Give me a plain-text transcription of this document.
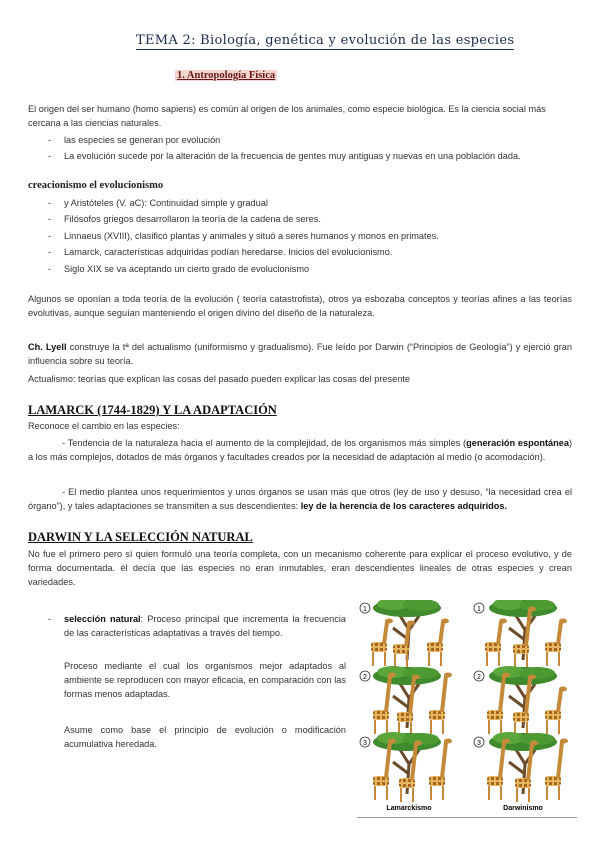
TEMA 2: Biología, genética y evolución de las especies
1. Antropología Física
El origen del ser humano (homo sapiens) es común al origen de los animales, como especie biológica. Es la ciencia social más cercana a las ciencias naturales.
- las especies se generan por evolución
- La evolución sucede por la alteración de la frecuencia de gentes muy antiguas y nuevas en una población dada.
creacionismo el evolucionismo
- y Aristóteles (V. aC): Continuidad simple y gradual
- Filósofos griegos desarrollaron la teoría de la cadena de seres.
- Linnaeus (XVIII), clasificó plantas y animales y situó a seres humanos y monos en primates.
- Lamarck, características adquiridas podían heredarse. Inicios del evolucionismo.
- Siglo XIX se va aceptando un cierto grado de evolucionismo
Algunos se oponían a toda teoría de la evolución ( teoría catastrofista), otros ya esbozaba conceptos y teorías afines a las teorías evolutivas, aunque seguían manteniendo el origen divino del diseño de la naturaleza.
Ch. Lyell construye la tª del actualismo (uniformismo y gradualismo). Fue leído por Darwin (“Principios de Geología”) y ejerció gran influencia sobre su teoría.
Actualismo: teorías que explican las cosas del pasado pueden explicar las cosas del presente
LAMARCK (1744-1829) Y LA ADAPTACIÓN
Reconoce el cambio en las especies:
- Tendencia de la naturaleza hacia el aumento de la complejidad, de los organismos más simples (generación espontánea) a los más complejos, dotados de más órganos y facultades creados por la necesidad de adaptación al medio (o acomodación).
- El medio plantea unos requerimientos y unos órganos se usan más que otros (ley de uso y desuso, “la necesidad crea el órgano”), y tales adaptaciones se transmiten a sus descendientes: ley de la herencia de los caracteres adquiridos.
DARWIN Y LA SELECCIÓN NATURAL
No fue el primero pero sí quien formuló una teoría completa, con un mecanismo coherente para explicar el proceso evolutivo, y de forma documentada. él decía que las especies no eran inmutables, eran descendientes lineales de otras especies y crean variedades.
- selección natural: Proceso principal que incrementa la frecuencia de las características adaptativas a través del tiempo.
Proceso mediante el cual los organismos mejor adaptados al ambiente se reproducen con mayor eficacia, en comparación con las formas menos adaptadas.
Asume como base el principio de evolución o modificación acumulativa heredada.
1
2
3
1
2
3
Lamarckismo	Darwinismo
